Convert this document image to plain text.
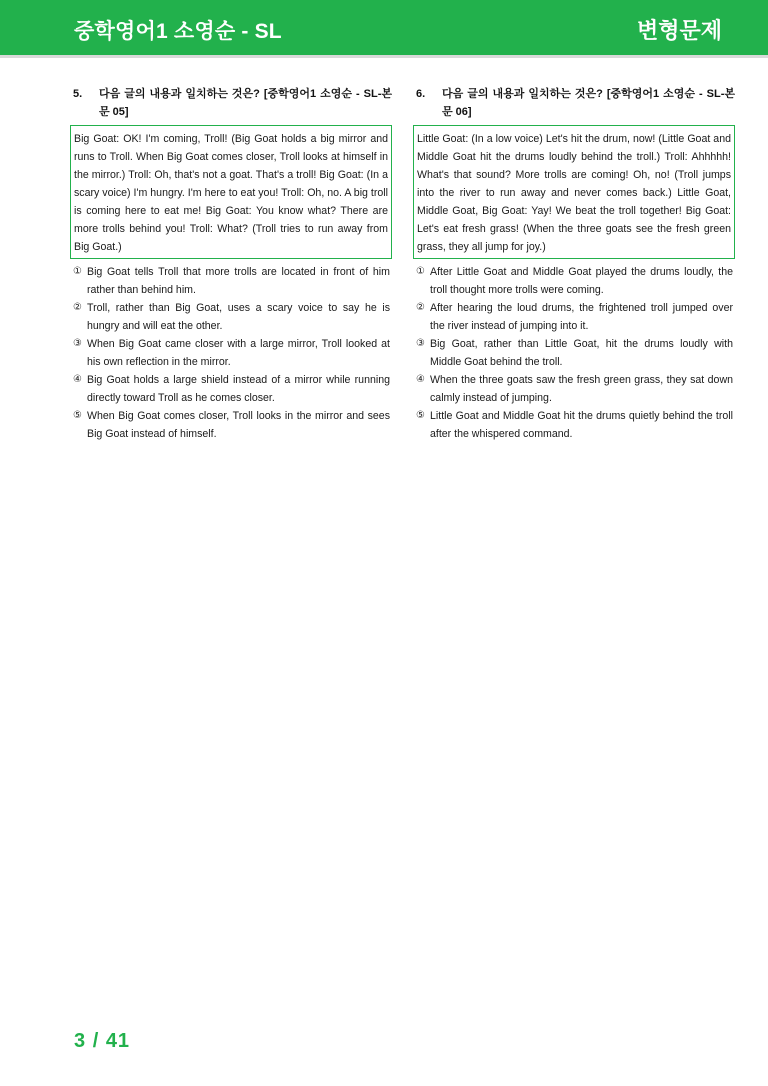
중학영어1 소영순 - SL	변형문제
5.	다음 글의 내용과 일치하는 것은? [중학영어1 소영순 - SL-본문 05]
Big Goat: OK! I'm coming, Troll! (Big Goat holds a big mirror and runs to Troll. When Big Goat comes closer, Troll looks at himself in the mirror.) Troll: Oh, that's not a goat. That's a troll! Big Goat: (In a scary voice) I'm hungry. I'm here to eat you! Troll: Oh, no. A big troll is coming here to eat me! Big Goat: You know what? There are more trolls behind you! Troll: What? (Troll tries to run away from Big Goat.)
① Big Goat tells Troll that more trolls are located in front of him rather than behind him.
② Troll, rather than Big Goat, uses a scary voice to say he is hungry and will eat the other.
③ When Big Goat came closer with a large mirror, Troll looked at his own reflection in the mirror.
④ Big Goat holds a large shield instead of a mirror while running directly toward Troll as he comes closer.
⑤ When Big Goat comes closer, Troll looks in the mirror and sees Big Goat instead of himself.
6.	다음 글의 내용과 일치하는 것은? [중학영어1 소영순 - SL-본문 06]
Little Goat: (In a low voice) Let's hit the drum, now! (Little Goat and Middle Goat hit the drums loudly behind the troll.) Troll: Ahhhhh! What's that sound? More trolls are coming! Oh, no! (Troll jumps into the river to run away and never comes back.) Little Goat, Middle Goat, Big Goat: Yay! We beat the troll together! Big Goat: Let's eat fresh grass! (When the three goats see the fresh green grass, they all jump for joy.)
① After Little Goat and Middle Goat played the drums loudly, the troll thought more trolls were coming.
② After hearing the loud drums, the frightened troll jumped over the river instead of jumping into it.
③ Big Goat, rather than Little Goat, hit the drums loudly with Middle Goat behind the troll.
④ When the three goats saw the fresh green grass, they sat down calmly instead of jumping.
⑤ Little Goat and Middle Goat hit the drums quietly behind the troll after the whispered command.
3 / 41
